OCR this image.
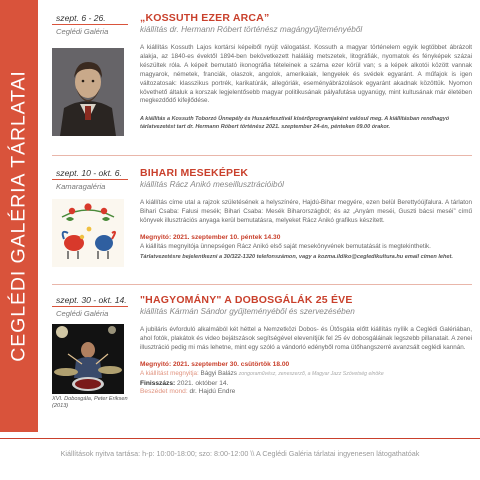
CEGLÉDI GALÉRIA TÁRLATAI
szept. 6 - 26.
Ceglédi Galéria
„KOSSUTH EZER ARCA”
kiállítás dr. Hermann Róbert történész magángyűjteményéből
A kiállítás Kossuth Lajos kortársi képeiből nyújt válogatást. Kossuth a magyar történelem egyik legtöbbet ábrázolt alakja, az 1840-es évektől 1894-ben bekövetkezett haláláig metszetek, litográfiák, nyomatok és fényképek százai készültek róla. A képeit bemutató ikonográfia tételeinek a száma ezer körül van; s a képek alkotói között vannak magyarok, németek, franciák, olaszok, angolok, amerikaiak, lengyelek és svédek egyaránt. A műfajok is igen változatosak: klasszikus portrék, karikatúrák, allegóriák, eseményábrázolások egyaránt akadnak közöttük. Nyomon követhető általuk a korszak legjelentősebb magyar politikusának pályafutása ugyanúgy, mint kultusának már életében megkezdődő kifejlődése.
A kiállítás a Kossuth Toborzó Ünnepély és Huszárfesztivál kísérőprogramjaként valósul meg. A kiállításban rendhagyó tárlatvezetést tart dr. Hermann Róbert történész 2021. szeptember 24-én, pénteken 09.00 órakor.
szept. 10 - okt. 6.
Kamaragaléria
BIHARI MESEKÉPEK
kiállítás Rácz Anikó meseillusztrációiból
A kiállítás címe utal a rajzok születésének a helyszínére, Hajdú-Bihar megyére, ezen belül Berettyóújfalura. A tárlaton Bihari Csaba: Falusi mesék; Bihari Csaba: Mesék Biharországból; és az „Anyám meséi, Guszti bácsi meséi” című könyvek illusztrációs anyaga kerül bemutatásra, melyeket Rácz Anikó grafikus készített.
Megnyitó: 2021. szeptember 10. péntek 14.30
A kiállítás megnyitója ünnepségen Rácz Anikó első saját mesekönyvének bemutatását is megtekinthetik.
Tárlatvezetésre bejelentkezni a 30/322-1320 telefonszámon, vagy a kozma.ildiko@cegledikultura.hu email címen lehet.
szept. 30 - okt. 14.
Ceglédi Galéria
XVI. Dobosgála, Peter Eriksen (2013)
"HAGYOMÁNY" A DOBOSGÁLÁK 25 ÉVE
kiállítás Kármán Sándor gyűjteményéből és szervezésében
A jubiláris évforduló alkalmából két héttel a Nemzetközi Dobos- és Ütősgála előtt kiállítás nyílik a Ceglédi Galériában, ahol fotók, plakátok és video bejátszások segítségével elevenítjük fel 25 év dobosgáláinak legszebb pillanatait. A zenei illusztráció pedig mi más lehetne, mint egy szóló a vándorló edényből roma ütőhangszerré avanzsált ceglédi kannán.
Megnyitó: 2021. szeptember 30. csütörtök 18.00
A kiállítást megnyitja: Bágyi Balázs zongoraművész, zeneszerző, a Magyar Jazz Szövetség elnöke
Finisszázs: 2021. október 14.
Beszédet mond: dr. Hajdú Endre
Kiállítások nyitva tartása: h-p: 10:00-18:00; szo: 8:00-12:00 \\ A Ceglédi Galéria tárlatai ingyenesen látogathatóak
